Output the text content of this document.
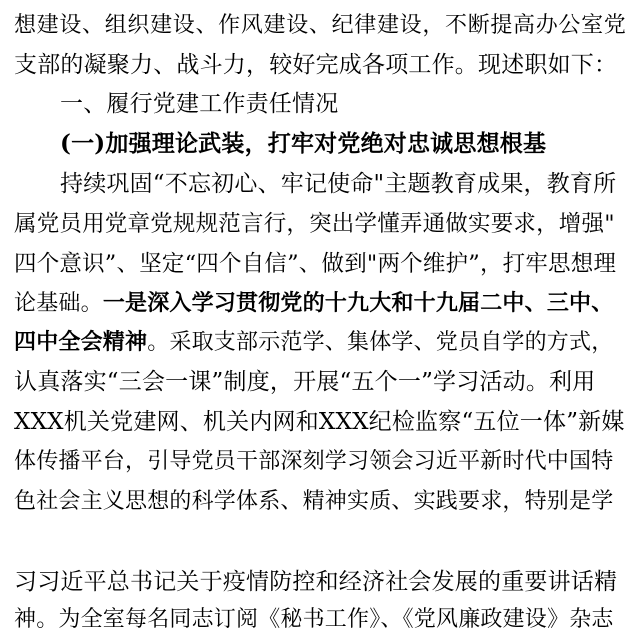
想建设、组织建设、作风建设、纪律建设，不断提高办公室党
支部的凝聚力、战斗力，较好完成各项工作。现述职如下：
一、履行党建工作责任情况
(一)加强理论武装，打牢对党绝对忠诚思想根基
持续巩固“不忘初心、牢记使命"主题教育成果，教育所
属党员用党章党规规范言行，突出学懂弄通做实要求，增强"
四个意识”、坚定“四个自信”、做到"两个维护”，打牢思想理
论基础。一是深入学习贯彻党的十九大和十九届二中、三中、
四中全会精神。采取支部示范学、集体学、党员自学的方式，
认真落实“三会一课”制度，开展“五个一”学习活动。利用
XXX机关党建网、机关内网和XXX纪检监察“五位一体”新媒
体传播平台，引导党员干部深刻学习领会习近平新时代中国特
色社会主义思想的科学体系、精神实质、实践要求，特别是学
习习近平总书记关于疫情防控和经济社会发展的重要讲话精
神。为全室每名同志订阅《秘书工作》、《党风廉政建设》杂志
